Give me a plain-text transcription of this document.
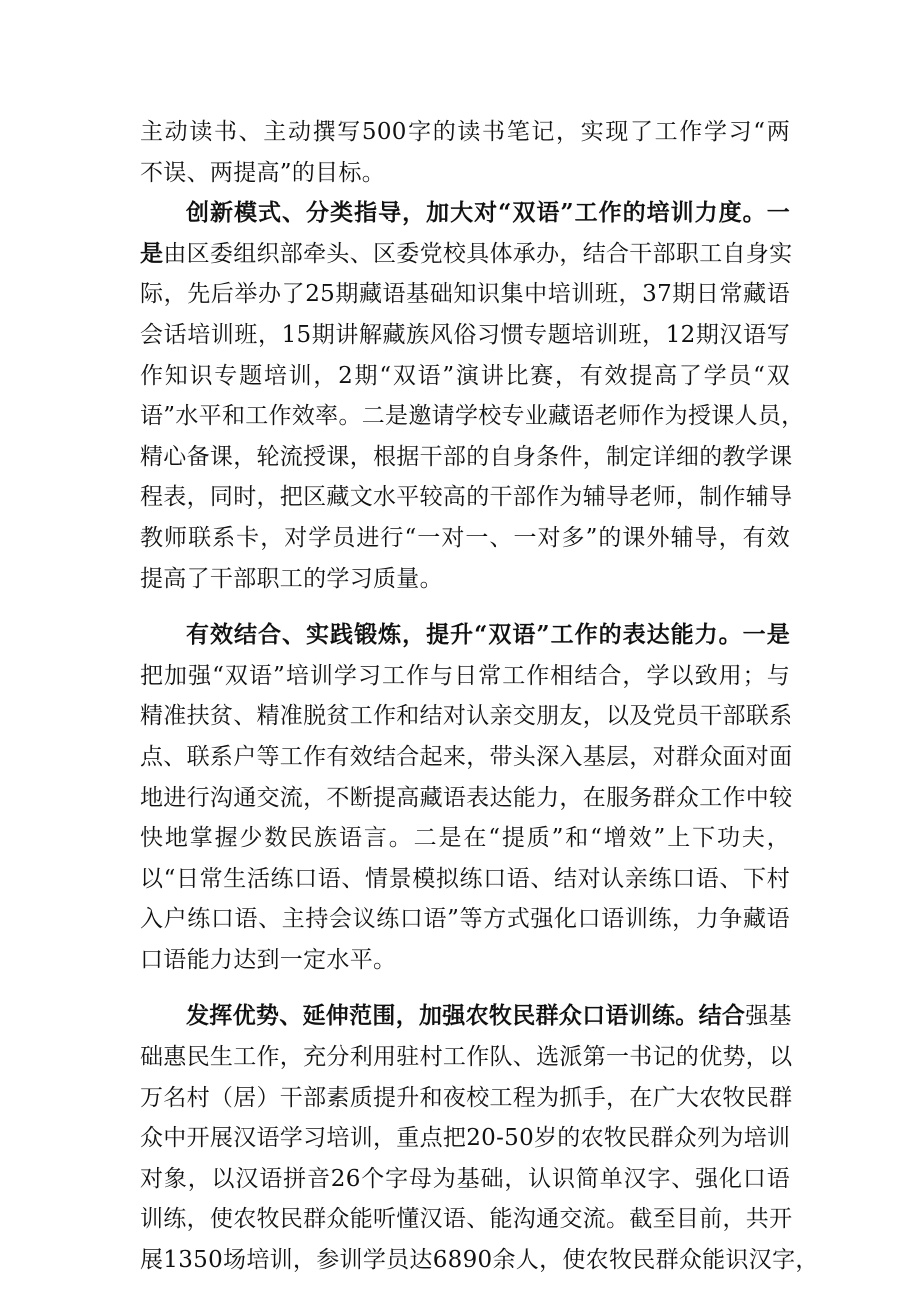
主动读书、主动撰写500字的读书笔记，实现了工作学习“两
不误、两提高”的目标。
创新模式、分类指导，加大对“双语”工作的培训力度。一
是由区委组织部牵头、区委党校具体承办，结合干部职工自身实
际，先后举办了25期藏语基础知识集中培训班，37期日常藏语
会话培训班，15期讲解藏族风俗习惯专题培训班，12期汉语写
作知识专题培训，2期“双语”演讲比赛，有效提高了学员“双
语”水平和工作效率。二是邀请学校专业藏语老师作为授课人员，
精心备课，轮流授课，根据干部的自身条件，制定详细的教学课
程表，同时，把区藏文水平较高的干部作为辅导老师，制作辅导
教师联系卡，对学员进行“一对一、一对多”的课外辅导，有效
提高了干部职工的学习质量。
有效结合、实践锻炼，提升“双语”工作的表达能力。一是
把加强“双语”培训学习工作与日常工作相结合，学以致用；与
精准扶贫、精准脱贫工作和结对认亲交朋友，以及党员干部联系
点、联系户等工作有效结合起来，带头深入基层，对群众面对面
地进行沟通交流，不断提高藏语表达能力，在服务群众工作中较
快地掌握少数民族语言。二是在“提质”和“增效”上下功夫，
以“日常生活练口语、情景模拟练口语、结对认亲练口语、下村
入户练口语、主持会议练口语”等方式强化口语训练，力争藏语
口语能力达到一定水平。
发挥优势、延伸范围，加强农牧民群众口语训练。结合强基
础惠民生工作，充分利用驻村工作队、选派第一书记的优势，以
万名村（居）干部素质提升和夜校工程为抓手，在广大农牧民群
众中开展汉语学习培训，重点把20-50岁的农牧民群众列为培训
对象，以汉语拼音26个字母为基础，认识简单汉字、强化口语
训练，使农牧民群众能听懂汉语、能沟通交流。截至目前，共开
展1350场培训，参训学员达6890余人，使农牧民群众能识汉字，
